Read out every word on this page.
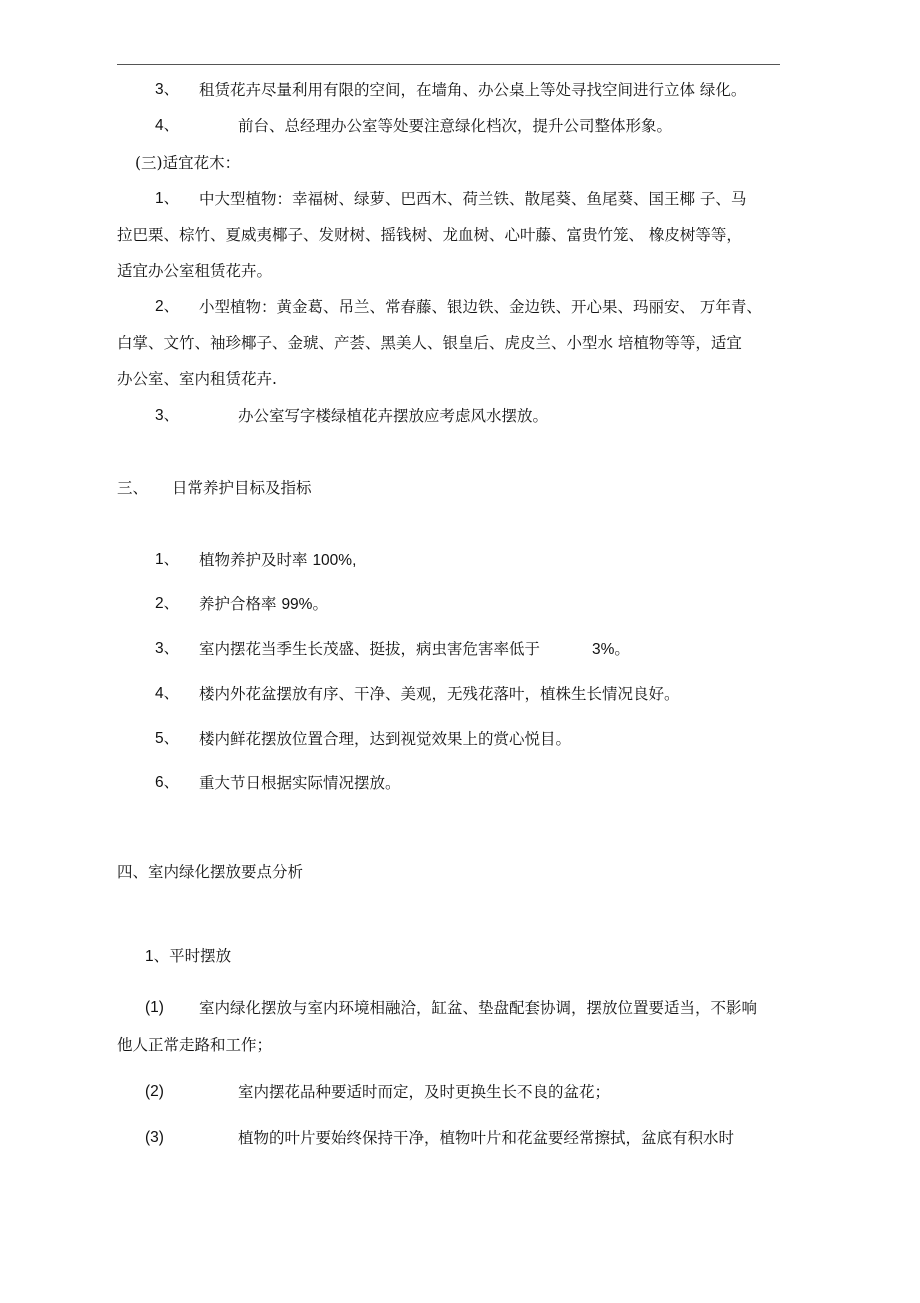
3、 租赁花卉尽量利用有限的空间，在墙角、办公桌上等处寻找空间进行立体 绿化。
4、	前台、总经理办公室等处要注意绿化档次，提升公司整体形象。
(三)适宜花木：
1、 中大型植物：幸福树、绿萝、巴西木、荷兰铁、散尾葵、鱼尾葵、国王椰 子、马
拉巴栗、棕竹、夏威夷椰子、发财树、摇钱树、龙血树、心叶藤、富贵竹笼、 橡皮树等等，
适宜办公室租赁花卉。
2、 小型植物：黄金葛、吊兰、常春藤、银边铁、金边铁、开心果、玛丽安、 万年青、
白掌、文竹、袖珍椰子、金琥、产荟、黑美人、银皇后、虎皮兰、小型水 培植物等等，适宜
办公室、室内租赁花卉.
3、	办公室写字楼绿植花卉摆放应考虑风水摆放。
三、 日常养护目标及指标
1、 植物养护及时率 100%,
2、 养护合格率 99%。
3、 室内摆花当季生长茂盛、挺拔，病虫害危害率低于	3%。
4、 楼内外花盆摆放有序、干净、美观，无残花落叶，植株生长情况良好。
5、 楼内鲜花摆放位置合理，达到视觉效果上的赏心悦目。
6、 重大节日根据实际情况摆放。
四、室内绿化摆放要点分析
1、平时摆放
(1) 室内绿化摆放与室内环境相融洽，缸盆、垫盘配套协调，摆放位置要适当，不影响
他人正常走路和工作；
(2)	室内摆花品种要适时而定，及时更换生长不良的盆花；
(3)	植物的叶片要始终保持干净，植物叶片和花盆要经常擦拭，盆底有积水时
